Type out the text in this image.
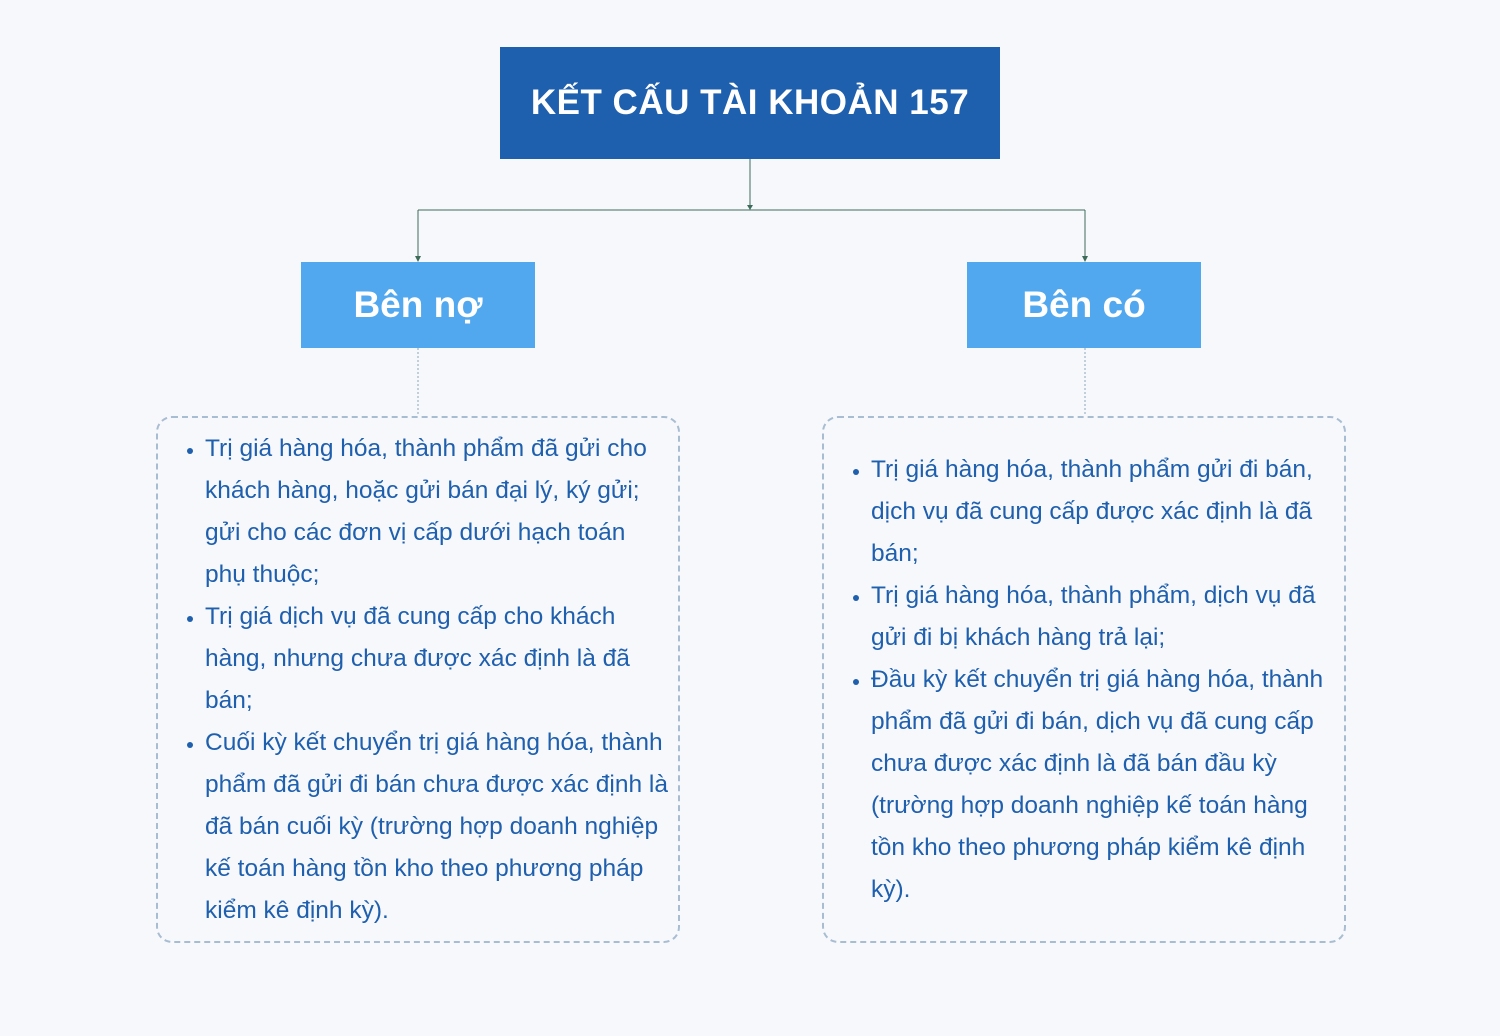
KẾT CẤU TÀI KHOẢN 157
Bên nợ	Bên có
• Trị giá hàng hóa, thành phẩm đã gửi cho khách hàng, hoặc gửi bán đại lý, ký gửi; gửi cho các đơn vị cấp dưới hạch toán phụ thuộc;
• Trị giá dịch vụ đã cung cấp cho khách hàng, nhưng chưa được xác định là đã bán;
• Cuối kỳ kết chuyển trị giá hàng hóa, thành phẩm đã gửi đi bán chưa được xác định là đã bán cuối kỳ (trường hợp doanh nghiệp kế toán hàng tồn kho theo phương pháp kiểm kê định kỳ).
• Trị giá hàng hóa, thành phẩm gửi đi bán, dịch vụ đã cung cấp được xác định là đã bán;
• Trị giá hàng hóa, thành phẩm, dịch vụ đã gửi đi bị khách hàng trả lại;
• Đầu kỳ kết chuyển trị giá hàng hóa, thành phẩm đã gửi đi bán, dịch vụ đã cung cấp chưa được xác định là đã bán đầu kỳ (trường hợp doanh nghiệp kế toán hàng tồn kho theo phương pháp kiểm kê định kỳ).
